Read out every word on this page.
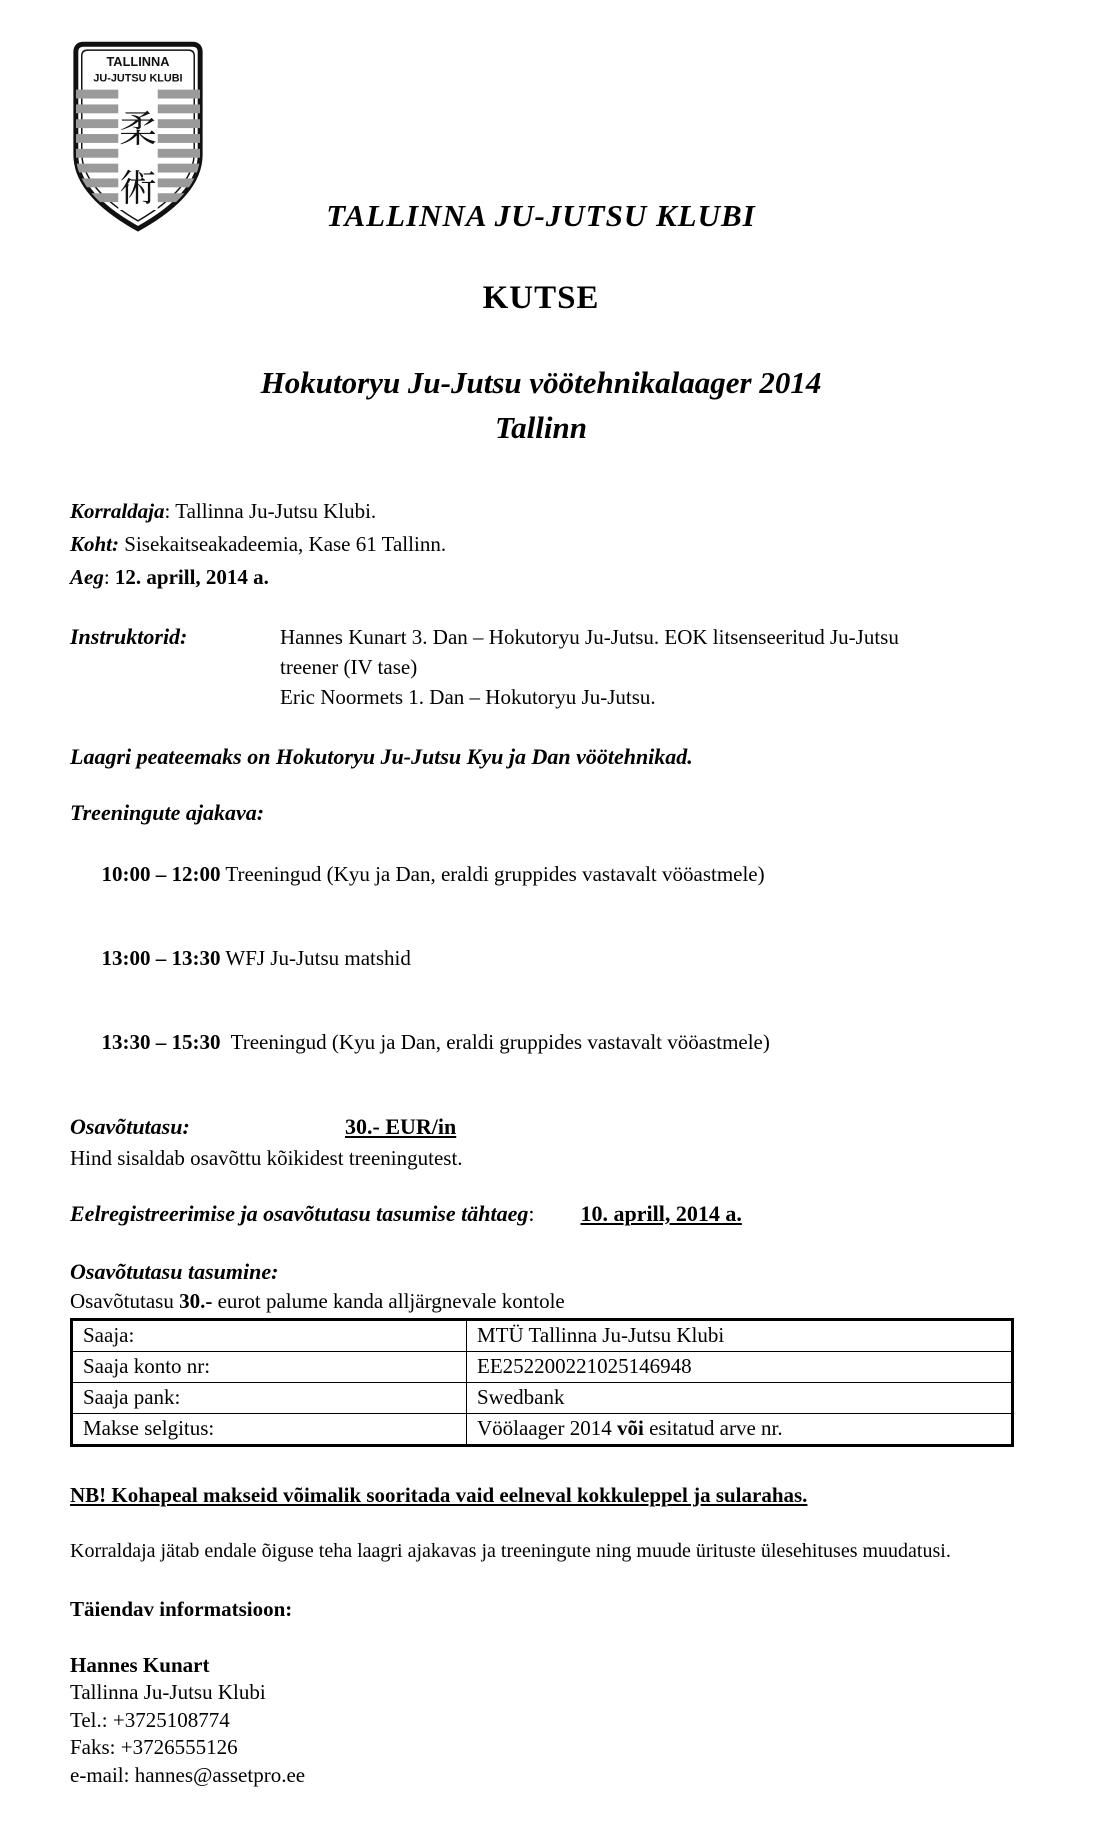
TALLINNA
JU-JUTSU KLUBI
柔
術
TALLINNA JU-JUTSU KLUBI
KUTSE
Hokutoryu Ju-Jutsu vöötehnikalaager 2014
Tallinn
Korraldaja: Tallinna Ju-Jutsu Klubi.
Koht: Sisekaitseakadeemia, Kase 61 Tallinn.
Aeg: 12. aprill, 2014 a.
Instruktorid:	Hannes Kunart 3. Dan – Hokutoryu Ju-Jutsu. EOK litsenseeritud Ju-Jutsu
treener (IV tase)
Eric Noormets 1. Dan – Hokutoryu Ju-Jutsu.
Laagri peateemaks on Hokutoryu Ju-Jutsu Kyu ja Dan vöötehnikad.
Treeningute ajakava:

10:00 – 12:00 Treeningud (Kyu ja Dan, eraldi gruppides vastavalt vööastmele)

13:00 – 13:30 WFJ Ju-Jutsu matshid

13:30 – 15:30  Treeningud (Kyu ja Dan, eraldi gruppides vastavalt vööastmele)

Osavõtutasu:	30.- EUR/in
Hind sisaldab osavõttu kõikidest treeningutest.
Eelregistreerimise ja osavõtutasu tasumise tähtaeg: 10. aprill, 2014 a.
Osavõtutasu tasumine:
Osavõtutasu 30.- eurot palume kanda alljärgnevale kontole
Saaja:	MTÜ Tallinna Ju-Jutsu Klubi
Saaja konto nr:	EE252200221025146948
Saaja pank:	Swedbank
Makse selgitus:	Vöölaager 2014 või esitatud arve nr.
NB! Kohapeal makseid võimalik sooritada vaid eelneval kokkuleppel ja sularahas.
Korraldaja jätab endale õiguse teha laagri ajakavas ja treeningute ning muude ürituste ülesehituses muudatusi.
Täiendav informatsioon:
Hannes Kunart
Tallinna Ju-Jutsu Klubi
Tel.: +3725108774
Faks: +3726555126
e-mail: hannes@assetpro.ee
